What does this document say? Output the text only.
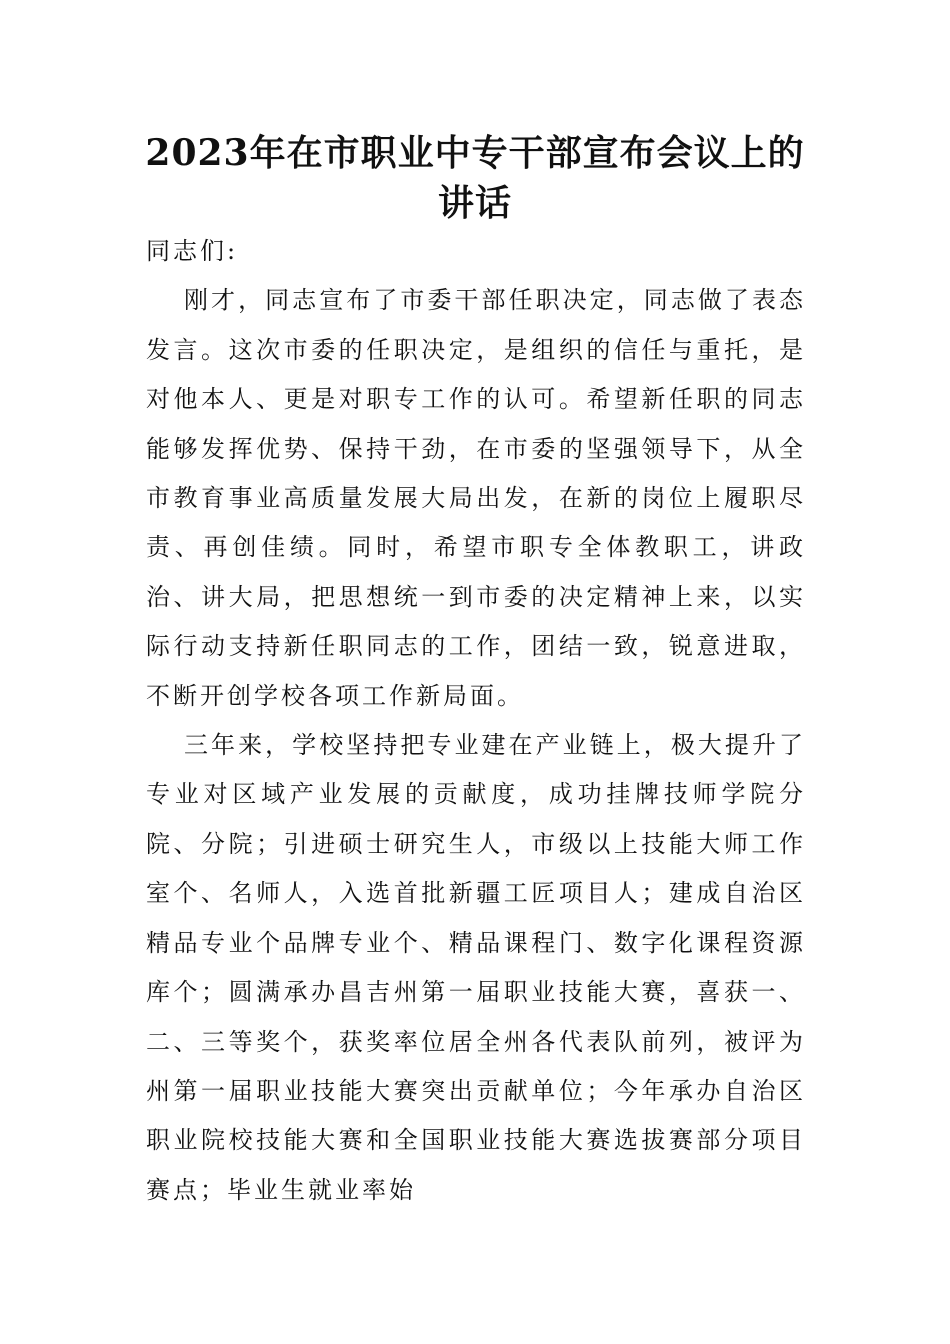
2023年在市职业中专干部宣布会议上的讲话

同志们:

刚才，同志宣布了市委干部任职决定，同志做了表态发言。这次市委的任职决定，是组织的信任与重托，是对他本人、更是对职专工作的认可。希望新任职的同志能够发挥优势、保持干劲，在市委的坚强领导下，从全市教育事业高质量发展大局出发，在新的岗位上履职尽责、再创佳绩。同时，希望市职专全体教职工，讲政治、讲大局，把思想统一到市委的决定精神上来，以实际行动支持新任职同志的工作，团结一致，锐意进取，不断开创学校各项工作新局面。

三年来，学校坚持把专业建在产业链上，极大提升了专业对区域产业发展的贡献度，成功挂牌技师学院分院、分院；引进硕士研究生人，市级以上技能大师工作室个、名师人，入选首批新疆工匠项目人；建成自治区精品专业个品牌专业个、精品课程门、数字化课程资源库个；圆满承办昌吉州第一届职业技能大赛，喜获一、二、三等奖个，获奖率位居全州各代表队前列，被评为州第一届职业技能大赛突出贡献单位；今年承办自治区职业院校技能大赛和全国职业技能大赛选拔赛部分项目赛点；毕业生就业率始
